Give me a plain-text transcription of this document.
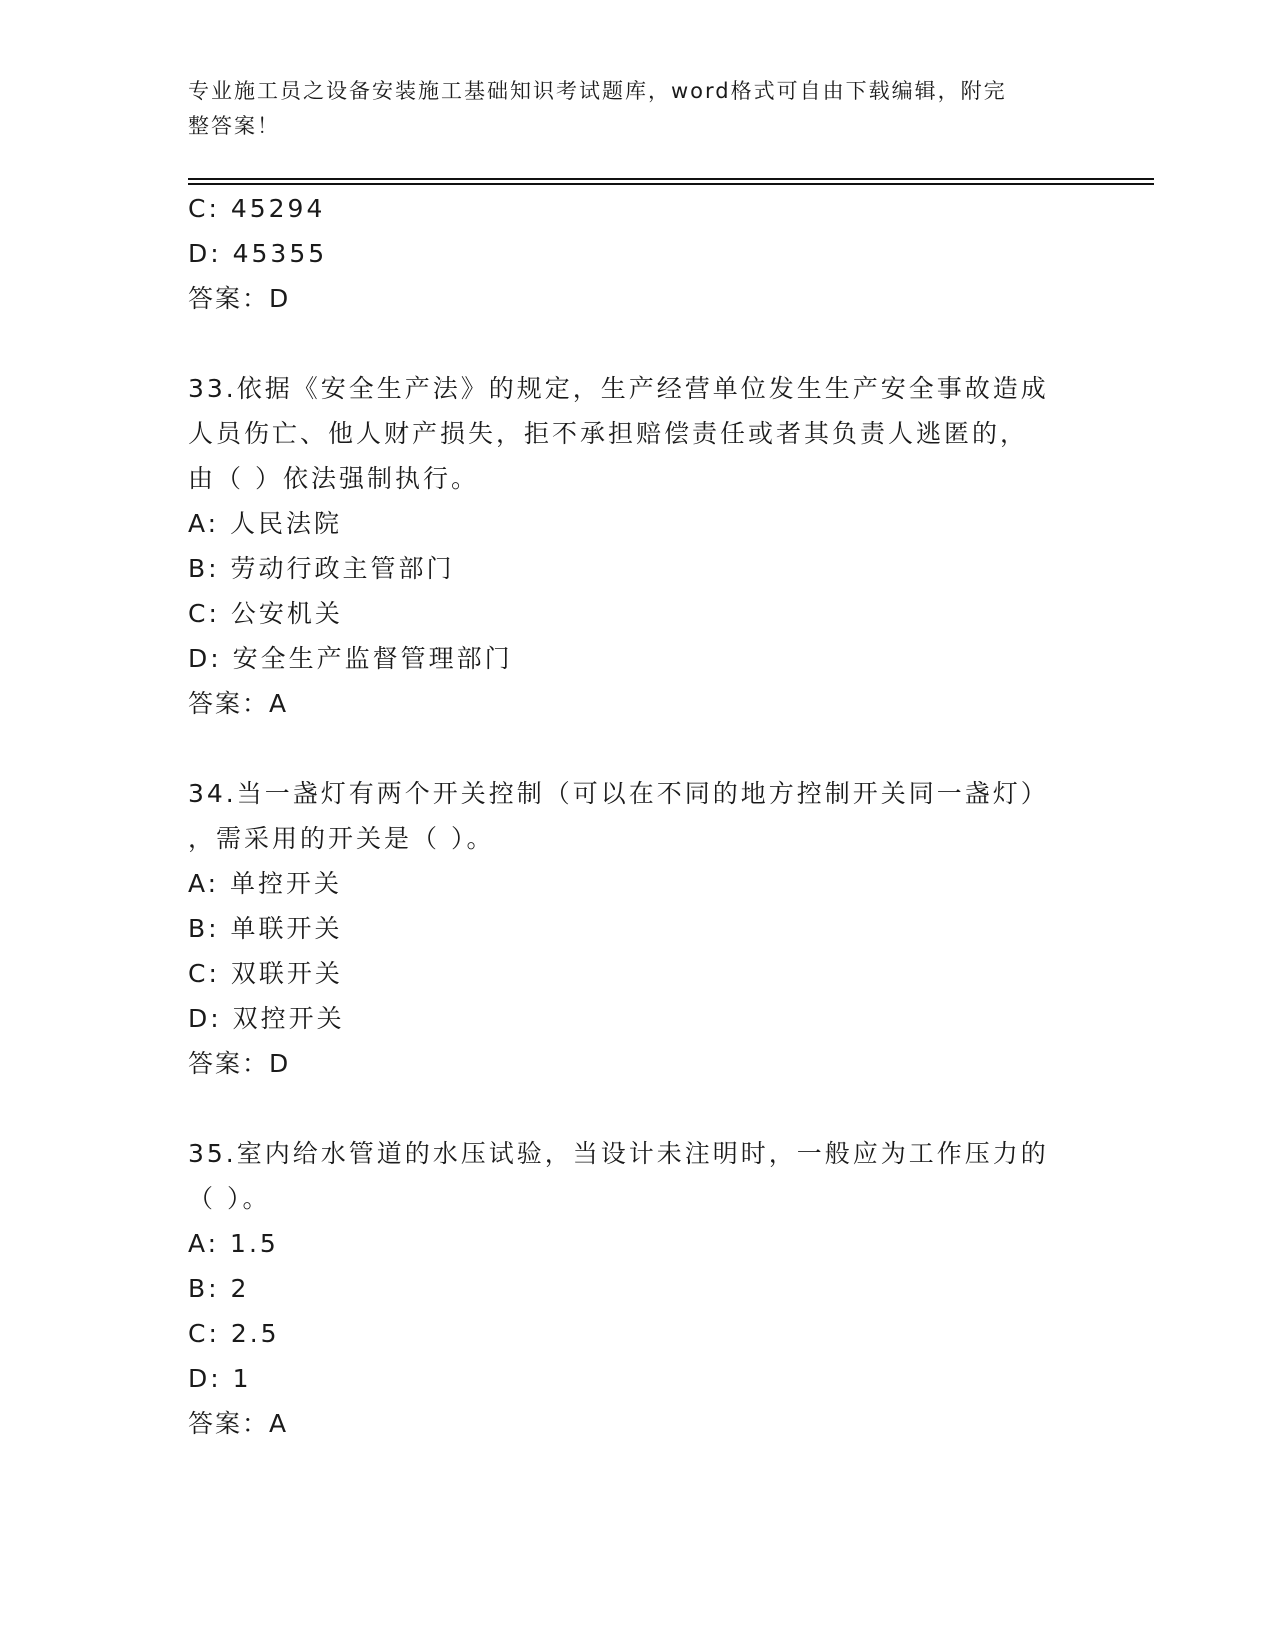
专业施工员之设备安装施工基础知识考试题库，word格式可自由下载编辑，附完
整答案！
C: 45294
D: 45355
答案：D
33.依据《安全生产法》的规定，生产经营单位发生生产安全事故造成
人员伤亡、他人财产损失，拒不承担赔偿责任或者其负责人逃匿的，
由（ ）依法强制执行。
A: 人民法院
B: 劳动行政主管部门
C: 公安机关
D: 安全生产监督管理部门
答案：A
34.当一盏灯有两个开关控制（可以在不同的地方控制开关同一盏灯）
，需采用的开关是（ ）。
A: 单控开关
B: 单联开关
C: 双联开关
D: 双控开关
答案：D
35.室内给水管道的水压试验，当设计未注明时，一般应为工作压力的
（ ）。
A: 1.5
B: 2
C: 2.5
D: 1
答案：A
